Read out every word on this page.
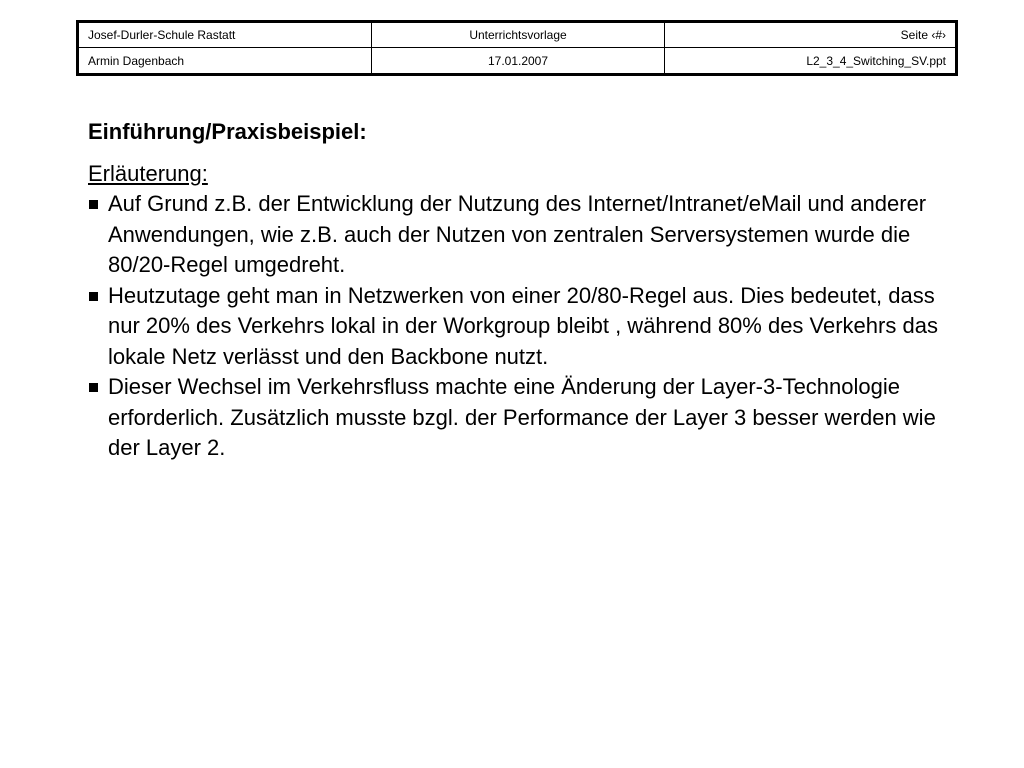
Josef-Durler-Schule Rastatt	Unterrichtsvorlage	Seite ‹#›
Armin Dagenbach	17.01.2007	L2_3_4_Switching_SV.ppt
Einführung/Praxisbeispiel:
Erläuterung:
Auf Grund z.B. der Entwicklung der Nutzung des Internet/Intranet/eMail und anderer Anwendungen, wie z.B. auch der Nutzen von zentralen Serversystemen wurde die 80/20-Regel umgedreht.
Heutzutage geht man in Netzwerken von einer 20/80-Regel aus. Dies bedeutet, dass nur 20% des Verkehrs lokal in der Workgroup bleibt , während 80% des Verkehrs das lokale Netz verlässt und den Backbone nutzt.
Dieser Wechsel im Verkehrsfluss machte eine Änderung der Layer-3-Technologie erforderlich. Zusätzlich musste bzgl. der Performance der Layer 3 besser werden wie der Layer 2.
